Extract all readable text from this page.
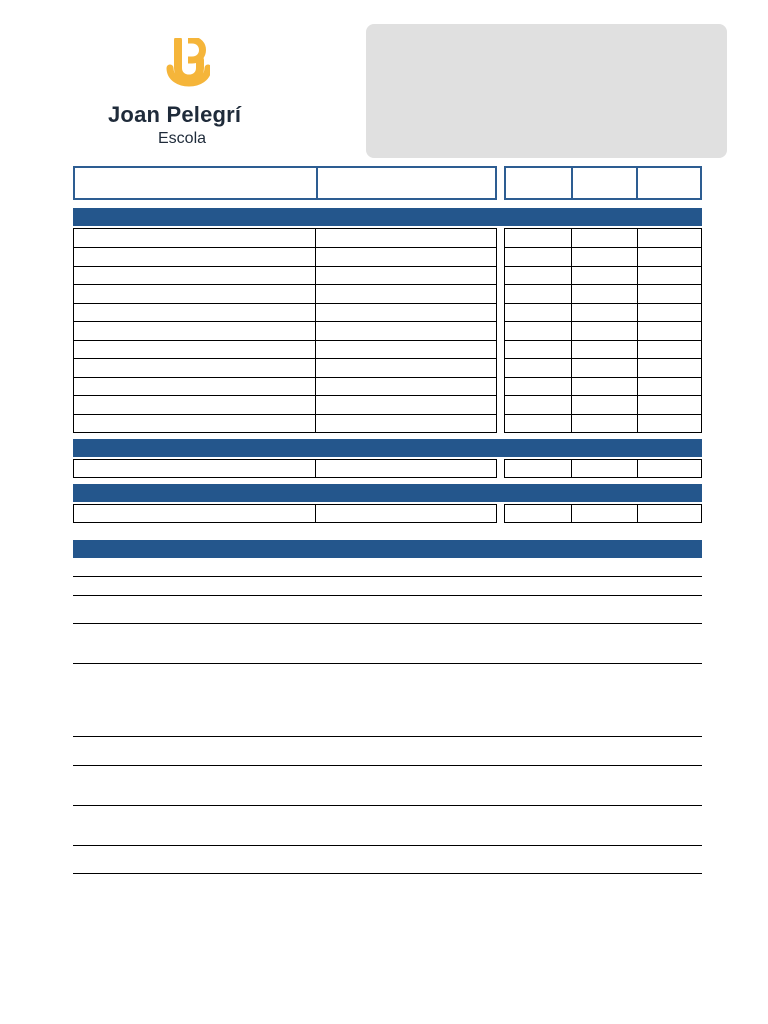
Joan Pelegrí
Escola
